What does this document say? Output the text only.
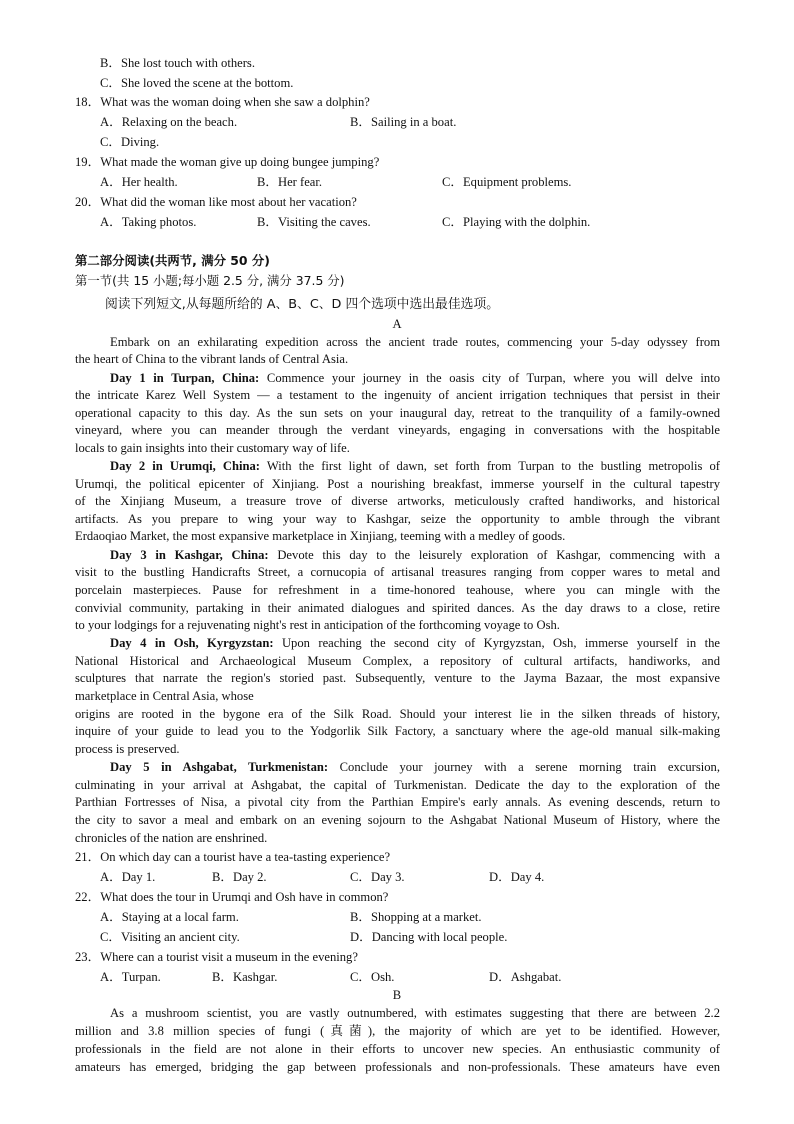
B．She lost touch with others.
C．She loved the scene at the bottom.
18．What was the woman doing when she saw a dolphin?
A．Relaxing on the beach.	B．Sailing in a boat.
C．Diving.
19．What made the woman give up doing bungee jumping?
A．Her health.	B．Her fear.	C．Equipment problems.
20．What did the woman like most about her vacation?
A．Taking photos.	B．Visiting the caves.	C．Playing with the dolphin.
第二部分阅读(共两节, 满分 50 分)
第一节(共 15 小题;每小题 2.5 分, 满分 37.5 分)
阅读下列短文,从每题所给的 A、B、C、D 四个选项中选出最佳选项。
A
Embark on an exhilarating expedition across the ancient trade routes, commencing your 5-day odyssey from
the heart of China to the vibrant lands of Central Asia.
Day 1 in Turpan, China: Commence your journey in the oasis city of Turpan, where you will delve into
the intricate Karez Well System — a testament to the ingenuity of ancient irrigation techniques that persist in their
operational capacity to this day. As the sun sets on your inaugural day, retreat to the tranquility of a family-owned
vineyard, where you can meander through the verdant vineyards, engaging in conversations with the hospitable
locals to gain insights into their customary way of life.
Day 2 in Urumqi, China: With the first light of dawn, set forth from Turpan to the bustling metropolis of
Urumqi, the political epicenter of Xinjiang. Post a nourishing breakfast, immerse yourself in the cultural tapestry
of the Xinjiang Museum, a treasure trove of diverse artworks, meticulously crafted handiworks, and historical
artifacts. As you prepare to wing your way to Kashgar, seize the opportunity to amble through the vibrant
Erdaoqiao Market, the most expansive marketplace in Xinjiang, teeming with a medley of goods.
Day 3 in Kashgar, China: Devote this day to the leisurely exploration of Kashgar, commencing with a
visit to the bustling Handicrafts Street, a cornucopia of artisanal treasures ranging from copper wares to metal and
porcelain masterpieces. Pause for refreshment in a time-honored teahouse, where you can mingle with the
convivial community, partaking in their animated dialogues and spirited dances. As the day draws to a close, retire
to your lodgings for a rejuvenating night's rest in anticipation of the forthcoming voyage to Osh.
Day 4 in Osh, Kyrgyzstan: Upon reaching the second city of Kyrgyzstan, Osh, immerse yourself in the
National Historical and Archaeological Museum Complex, a repository of cultural artifacts, handiworks, and
sculptures that narrate the region's storied past. Subsequently, venture to the Jayma Bazaar, the most expansive
marketplace in Central Asia, whose
origins are rooted in the bygone era of the Silk Road. Should your interest lie in the silken threads of history,
inquire of your guide to lead you to the Yodgorlik Silk Factory, a sanctuary where the age-old manual silk-making
process is preserved.
Day 5 in Ashgabat, Turkmenistan: Conclude your journey with a serene morning train excursion,
culminating in your arrival at Ashgabat, the capital of Turkmenistan. Dedicate the day to the exploration of the
Parthian Fortresses of Nisa, a pivotal city from the Parthian Empire's early annals. As evening descends, return to
the city to savor a meal and embark on an evening sojourn to the Ashgabat National Museum of History, where the
chronicles of the nation are enshrined.
21．On which day can a tourist have a tea-tasting experience?
A．Day 1.	B．Day 2.	C．Day 3.	D．Day 4.
22．What does the tour in Urumqi and Osh have in common?
A．Staying at a local farm.	B．Shopping at a market.
C．Visiting an ancient city.	D．Dancing with local people.
23．Where can a tourist visit a museum in the evening?
A．Turpan.	B．Kashgar.	C．Osh.	D．Ashgabat.
B
As a mushroom scientist, you are vastly outnumbered, with estimates suggesting that there are between 2.2
million and 3.8 million species of fungi (真菌), the majority of which are yet to be identified. However,
professionals in the field are not alone in their efforts to uncover new species. An enthusiastic community of
amateurs has emerged, bridging the gap between professionals and non-professionals. These amateurs have even
